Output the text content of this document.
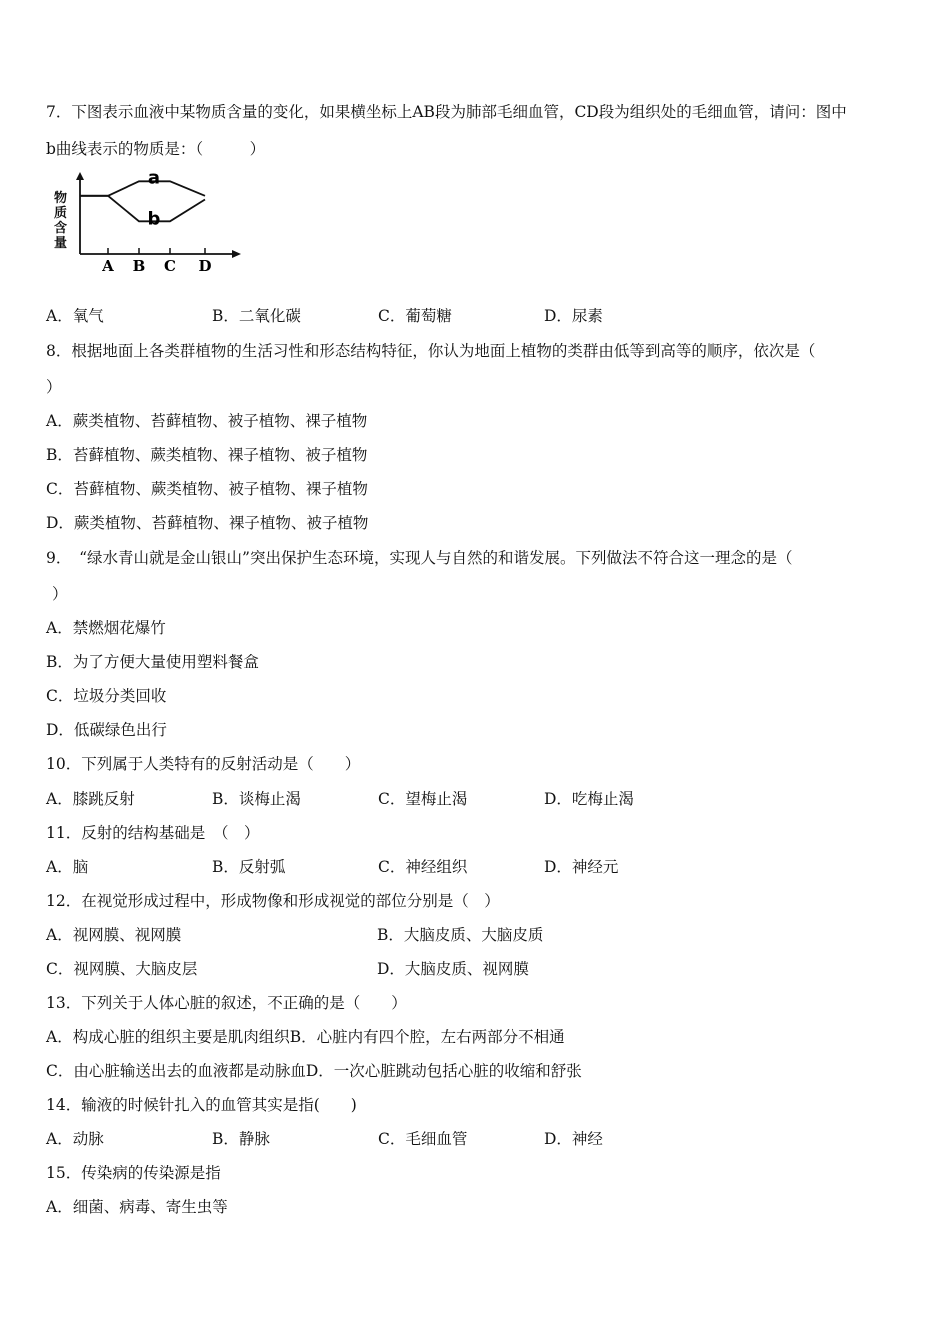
7．下图表示血液中某物质含量的变化，如果横坐标上AB段为肺部毛细血管，CD段为组织处的毛细血管，请问：图中
b曲线表示的物质是：（　　　）
物
质
含
量
A B C D
a
b
A．氧气	B．二氧化碳	C．葡萄糖	D．尿素
8．根据地面上各类群植物的生活习性和形态结构特征，你认为地面上植物的类群由低等到高等的顺序，依次是（
）
A．蕨类植物、苔藓植物、被子植物、裸子植物
B．苔藓植物、蕨类植物、裸子植物、被子植物
C．苔藓植物、蕨类植物、被子植物、裸子植物
D．蕨类植物、苔藓植物、裸子植物、被子植物
9．　“绿水青山就是金山银山”突出保护生态环境，实现人与自然的和谐发展。下列做法不符合这一理念的是（
）
A．禁燃烟花爆竹
B．为了方便大量使用塑料餐盒
C．垃圾分类回收
D．低碳绿色出行
10．下列属于人类特有的反射活动是（　　）
A．膝跳反射	B．谈梅止渴	C．望梅止渴	D．吃梅止渴
11．反射的结构基础是　（　）
A．脑	B．反射弧	C．神经组织	D．神经元
12．在视觉形成过程中，形成物像和形成视觉的部位分别是（　）
A．视网膜、视网膜	B．大脑皮质、大脑皮质
C．视网膜、大脑皮层	D．大脑皮质、视网膜
13．下列关于人体心脏的叙述，不正确的是（　　）
A．构成心脏的组织主要是肌肉组织B．心脏内有四个腔，左右两部分不相通
C．由心脏输送出去的血液都是动脉血D．一次心脏跳动包括心脏的收缩和舒张
14．输液的时候针扎入的血管其实是指(　　)
A．动脉	B．静脉	C．毛细血管	D．神经
15．传染病的传染源是指
A．细菌、病毒、寄生虫等
